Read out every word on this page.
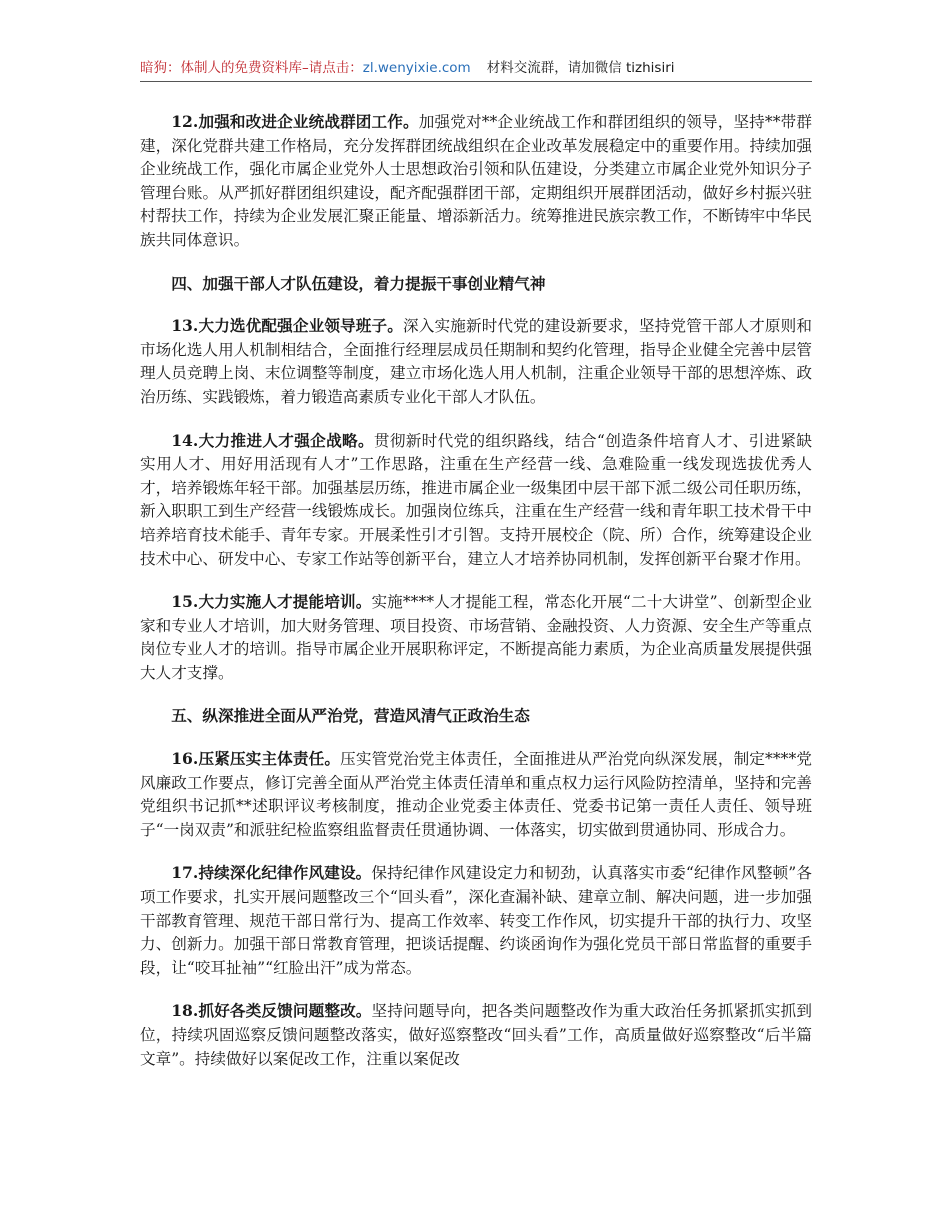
暗狗：体制人的免费资料库–请点击：zl.wenyixie.com 材料交流群，请加微信 tizhisiri

12.加强和改进企业统战群团工作。加强党对**企业统战工作和群团组织的领导，坚持**带群建，深化党群共建工作格局，充分发挥群团统战组织在企业改革发展稳定中的重要作用。持续加强企业统战工作，强化市属企业党外人士思想政治引领和队伍建设，分类建立市属企业党外知识分子管理台账。从严抓好群团组织建设，配齐配强群团干部，定期组织开展群团活动，做好乡村振兴驻村帮扶工作，持续为企业发展汇聚正能量、增添新活力。统筹推进民族宗教工作，不断铸牢中华民族共同体意识。

四、加强干部人才队伍建设，着力提振干事创业精气神

13.大力选优配强企业领导班子。深入实施新时代党的建设新要求，坚持党管干部人才原则和市场化选人用人机制相结合，全面推行经理层成员任期制和契约化管理，指导企业健全完善中层管理人员竞聘上岗、末位调整等制度，建立市场化选人用人机制，注重企业领导干部的思想淬炼、政治历练、实践锻炼，着力锻造高素质专业化干部人才队伍。

14.大力推进人才强企战略。贯彻新时代党的组织路线，结合“创造条件培育人才、引进紧缺实用人才、用好用活现有人才”工作思路，注重在生产经营一线、急难险重一线发现选拔优秀人才，培养锻炼年轻干部。加强基层历练，推进市属企业一级集团中层干部下派二级公司任职历练，新入职职工到生产经营一线锻炼成长。加强岗位练兵，注重在生产经营一线和青年职工技术骨干中培养培育技术能手、青年专家。开展柔性引才引智。支持开展校企（院、所）合作，统筹建设企业技术中心、研发中心、专家工作站等创新平台，建立人才培养协同机制，发挥创新平台聚才作用。

15.大力实施人才提能培训。实施****人才提能工程，常态化开展“二十大讲堂”、创新型企业家和专业人才培训，加大财务管理、项目投资、市场营销、金融投资、人力资源、安全生产等重点岗位专业人才的培训。指导市属企业开展职称评定，不断提高能力素质，为企业高质量发展提供强大人才支撑。

五、纵深推进全面从严治党，营造风清气正政治生态

16.压紧压实主体责任。压实管党治党主体责任，全面推进从严治党向纵深发展，制定****党风廉政工作要点，修订完善全面从严治党主体责任清单和重点权力运行风险防控清单，坚持和完善党组织书记抓**述职评议考核制度，推动企业党委主体责任、党委书记第一责任人责任、领导班子“一岗双责”和派驻纪检监察组监督责任贯通协调、一体落实，切实做到贯通协同、形成合力。

17.持续深化纪律作风建设。保持纪律作风建设定力和韧劲，认真落实市委“纪律作风整顿”各项工作要求，扎实开展问题整改三个“回头看”，深化查漏补缺、建章立制、解决问题，进一步加强干部教育管理、规范干部日常行为、提高工作效率、转变工作作风，切实提升干部的执行力、攻坚力、创新力。加强干部日常教育管理，把谈话提醒、约谈函询作为强化党员干部日常监督的重要手段，让“咬耳扯袖”“红脸出汗”成为常态。

18.抓好各类反馈问题整改。坚持问题导向，把各类问题整改作为重大政治任务抓紧抓实抓到位，持续巩固巡察反馈问题整改落实，做好巡察整改“回头看”工作，高质量做好巡察整改“后半篇文章”。持续做好以案促改工作，注重以案促改
